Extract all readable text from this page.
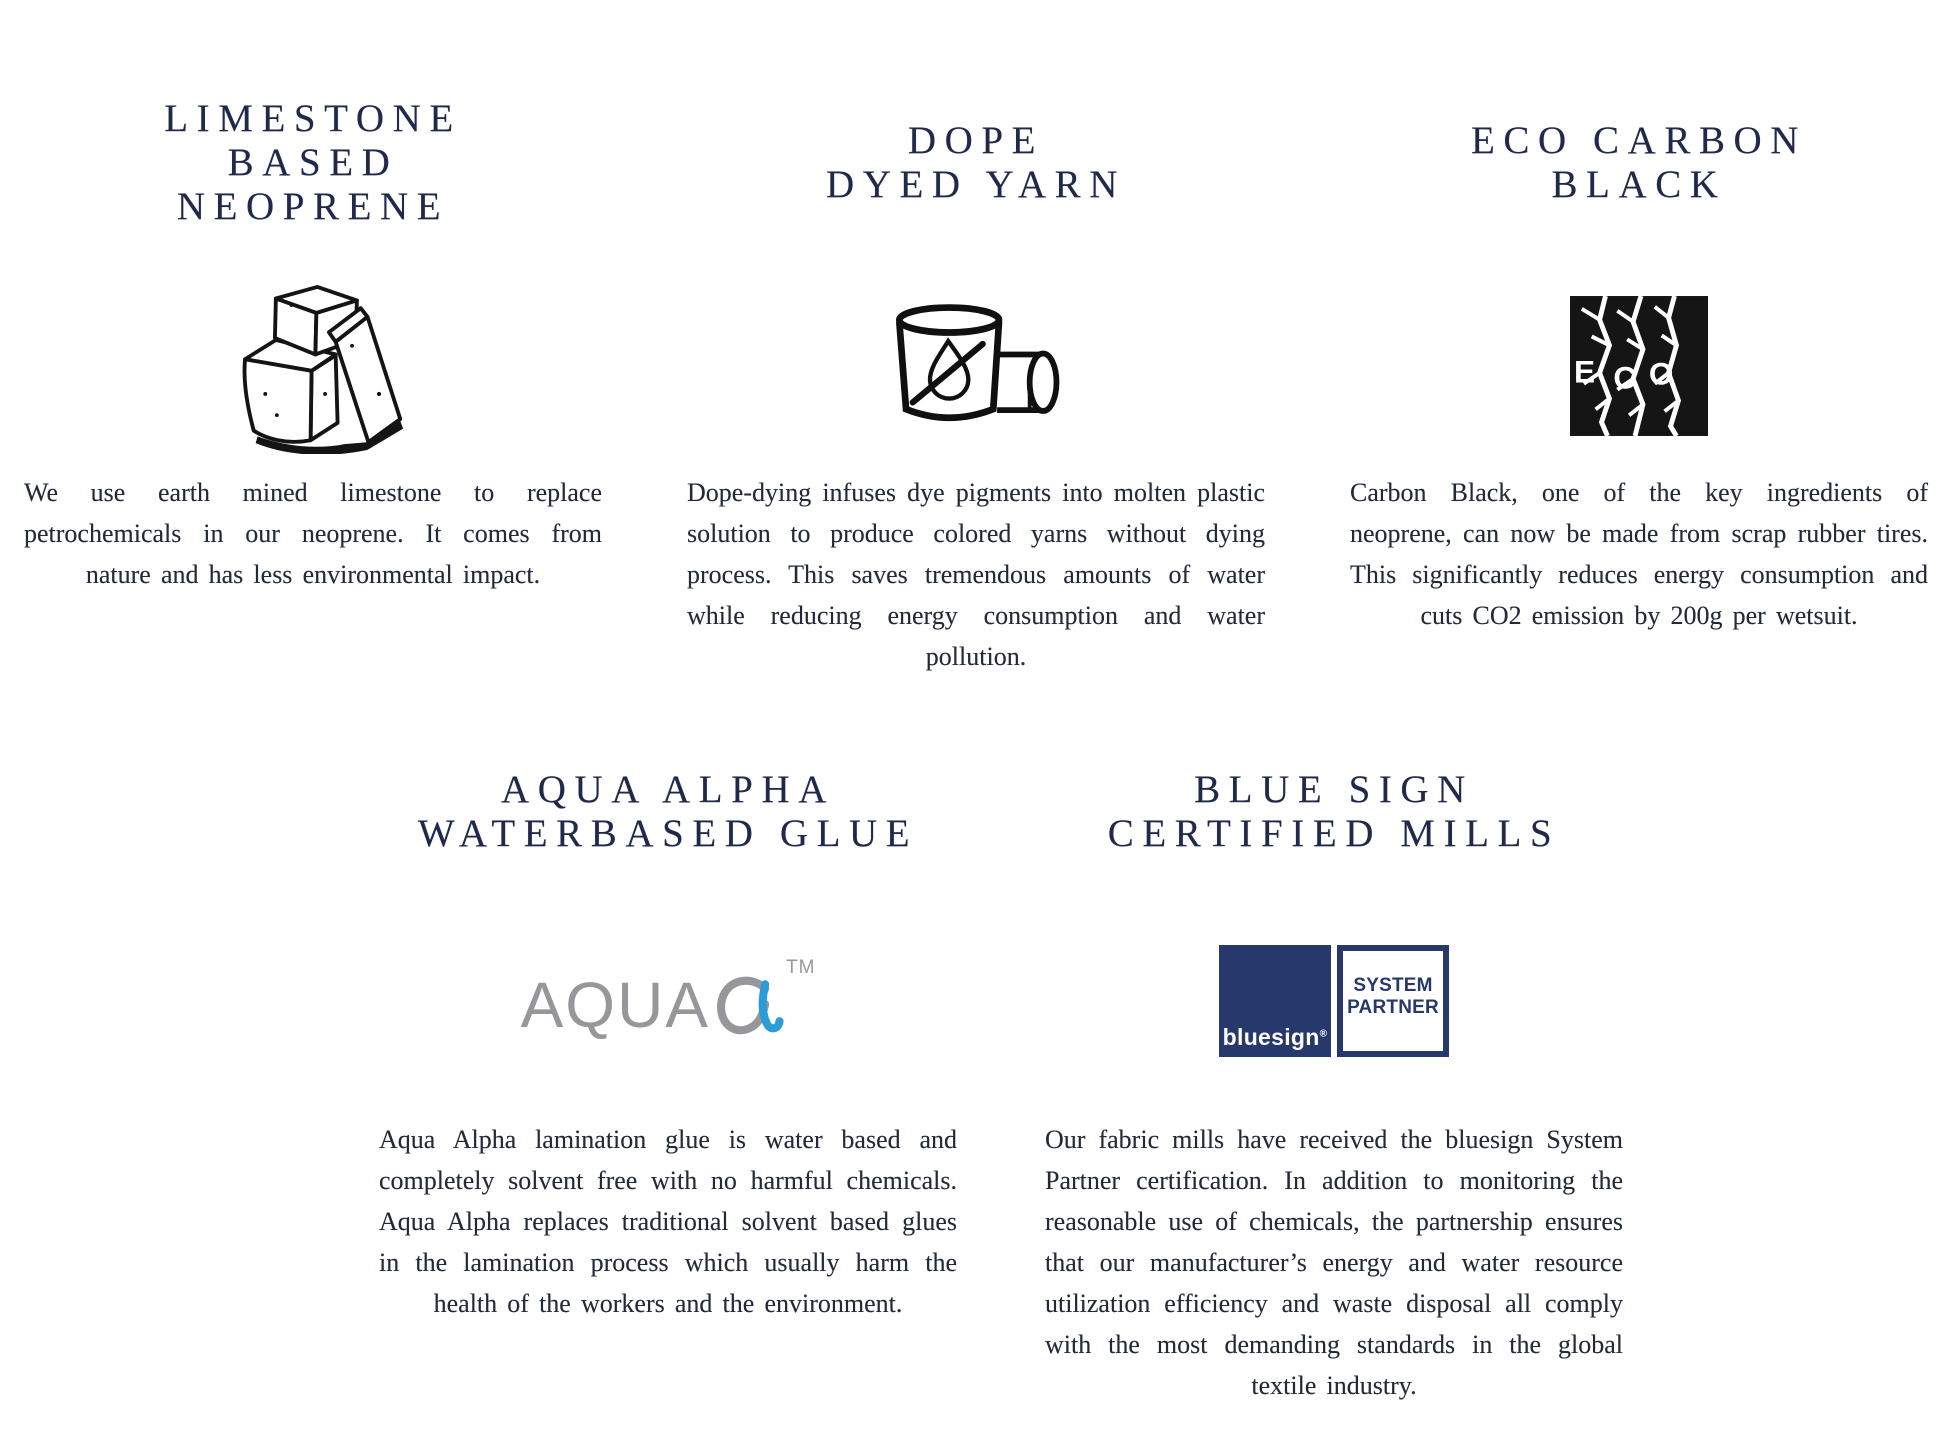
LIMESTONE
BASED
NEOPRENE

We use earth mined limestone to replace petrochemicals in our neoprene. It comes from nature and has less environmental impact.

DOPE
DYED YARN

Dope-dying infuses dye pigments into molten plastic solution to produce colored yarns without dying process. This saves tremendous amounts of water while reducing energy consumption and water pollution.

ECO CARBON
BLACK
E C O

Carbon Black, one of the key ingredients of neoprene, can now be made from scrap rubber tires. This significantly reduces energy consumption and cuts CO2 emission by 200g per wetsuit.

AQUA ALPHA
WATERBASED GLUE
AQUA
TM

Aqua Alpha lamination glue is water based and completely solvent free with no harmful chemicals. Aqua Alpha replaces traditional solvent based glues in the lamination process which usually harm the health of the workers and the environment.

BLUE SIGN
CERTIFIED MILLS
bluesign®
SYSTEM
PARTNER

Our fabric mills have received the bluesign System Partner certification. In addition to monitoring the reasonable use of chemicals, the partnership ensures that our manufacturer’s energy and water resource utilization efficiency and waste disposal all comply with the most demanding standards in the global textile industry.
